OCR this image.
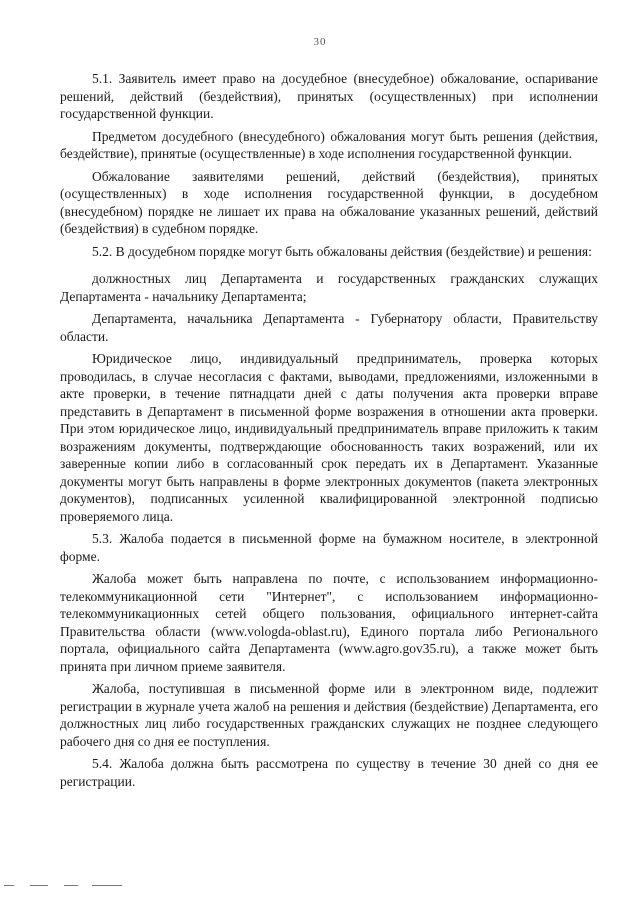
30

5.1. Заявитель имеет право на досудебное (внесудебное) обжалование, оспаривание решений, действий (бездействия), принятых (осуществленных) при исполнении государственной функции.

Предметом досудебного (внесудебного) обжалования могут быть решения (действия, бездействие), принятые (осуществленные) в ходе исполнения государственной функции.

Обжалование заявителями решений, действий (бездействия), принятых (осуществленных) в ходе исполнения государственной функции, в досудебном (внесудебном) порядке не лишает их права на обжалование указанных решений, действий (бездействия) в судебном порядке.

5.2. В досудебном порядке могут быть обжалованы действия (бездействие) и решения:

должностных лиц Департамента и государственных гражданских служащих Департамента - начальнику Департамента;

Департамента, начальника Департамента - Губернатору области, Правительству области.

Юридическое лицо, индивидуальный предприниматель, проверка которых проводилась, в случае несогласия с фактами, выводами, предложениями, изложенными в акте проверки, в течение пятнадцати дней с даты получения акта проверки вправе представить в Департамент в письменной форме возражения в отношении акта проверки. При этом юридическое лицо, индивидуальный предприниматель вправе приложить к таким возражениям документы, подтверждающие обоснованность таких возражений, или их заверенные копии либо в согласованный срок передать их в Департамент. Указанные документы могут быть направлены в форме электронных документов (пакета электронных документов), подписанных усиленной квалифицированной электронной подписью проверяемого лица.

5.3. Жалоба подается в письменной форме на бумажном носителе, в электронной форме.

Жалоба может быть направлена по почте, с использованием информационно-телекоммуникационной сети "Интернет", с использованием информационно-телекоммуникационных сетей общего пользования, официального интернет-сайта Правительства области (www.vologda-oblast.ru), Единого портала либо Регионального портала, официального сайта Департамента (www.agro.gov35.ru), а также может быть принята при личном приеме заявителя.

Жалоба, поступившая в письменной форме или в электронном виде, подлежит регистрации в журнале учета жалоб на решения и действия (бездействие) Департамента, его должностных лиц либо государственных гражданских служащих не позднее следующего рабочего дня со дня ее поступления.

5.4. Жалоба должна быть рассмотрена по существу в течение 30 дней со дня ее регистрации.
